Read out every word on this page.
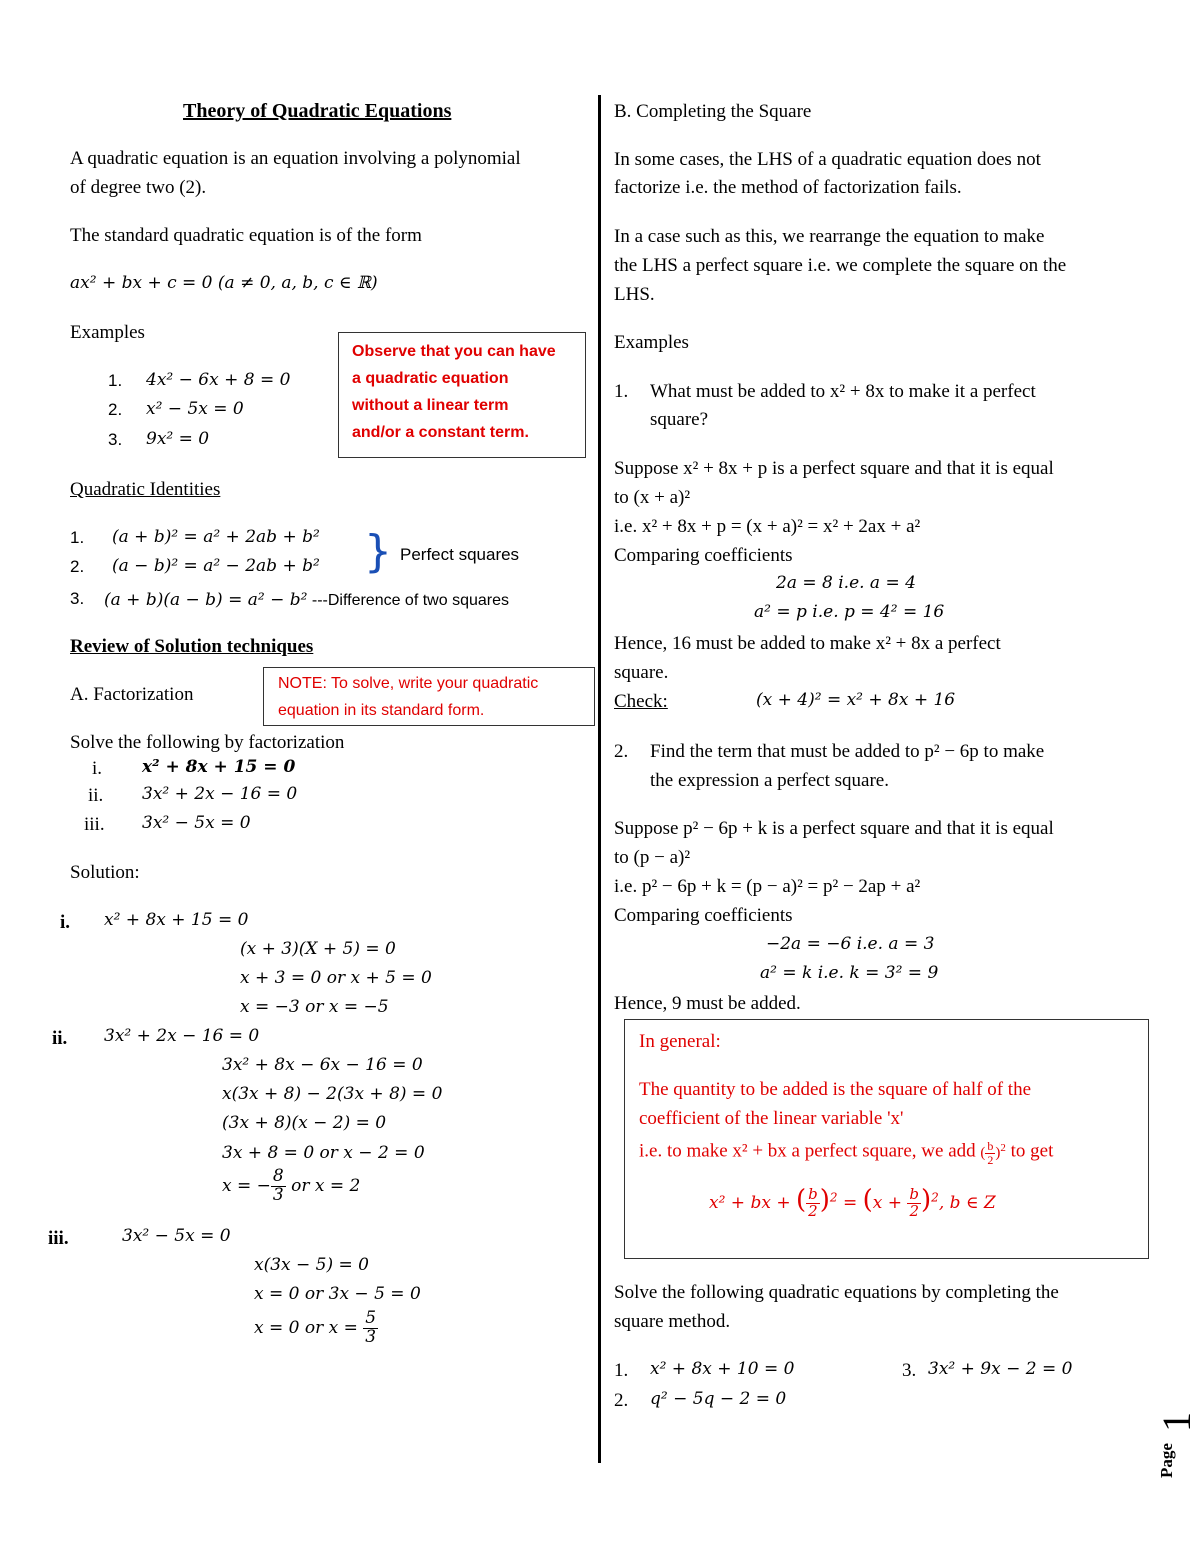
Theory of Quadratic Equations
A quadratic equation is an equation involving a polynomial
of degree two (2).
The standard quadratic equation is of the form
ax² + bx + c = 0 (a ≠ 0, a, b, c ∈ ℝ)
Examples
1. 4x² − 6x + 8 = 0
2. x² − 5x = 0
3. 9x² = 0
Observe that you can have
a quadratic equation
without a linear term
and/or a constant term.
Quadratic Identities
1. (a + b)² = a² + 2ab + b²
2. (a − b)² = a² − 2ab + b²
3. (a + b)(a − b) = a² − b² ---Difference of two squares
} Perfect squares
Review of Solution techniques
A. Factorization
NOTE: To solve, write your quadratic
equation in its standard form.
Solve the following by factorization
i. x² + 8x + 15 = 0
ii. 3x² + 2x − 16 = 0
iii. 3x² − 5x = 0
Solution:
i. x² + 8x + 15 = 0
(x + 3)(X + 5) = 0
x + 3 = 0 or x + 5 = 0
x = −3 or x = −5
ii. 3x² + 2x − 16 = 0
3x² + 8x − 6x − 16 = 0
x(3x + 8) − 2(3x + 8) = 0
(3x + 8)(x − 2) = 0
3x + 8 = 0 or x − 2 = 0
x = − $\frac{8}{3}$ or x = 2
iii.	3x² − 5x = 0
x(3x − 5) = 0
x = 0 or 3x − 5 = 0
x = 0 or $x = \frac{5}{3}$
B. Completing the Square
In some cases, the LHS of a quadratic equation does not
factorize i.e. the method of factorization fails.
In a case such as this, we rearrange the equation to make
the LHS a perfect square i.e. we complete the square on the
LHS.
Examples
1. What must be added to x² + 8x to make it a perfect
square?
Suppose x² + 8x + p is a perfect square and that it is equal
to (x + a)²
i.e. x² + 8x + p = (x + a)² = x² + 2ax + a²
Comparing coefficients
2a = 8 i.e. a = 4
a² = p i.e. p = 4² = 16
Hence, 16 must be added to make x² + 8x a perfect
square.
Check:	(x + 4)² = x² + 8x + 16
2. Find the term that must be added to p² − 6p to make
the expression a perfect square.
Suppose p² − 6p + k is a perfect square and that it is equal
to (p − a)²
i.e. p² − 6p + k = (p − a)² = p² − 2ap + a²
Comparing coefficients
−2a = −6 i.e. a = 3
a² = k i.e. k = 3² = 9
Hence, 9 must be added.
In general:
The quantity to be added is the square of half of the
coefficient of the linear variable 'x'
i.e. to make x² + bx a perfect square, we add ( $\frac{b}{2} )^2$ to get
x² + bx + ( $\frac{b}{2} )^2 = (x + \frac{b}{2} )^2$, b ∈ Z
Solve the following quadratic equations by completing the
square method.
1. x² + 8x + 10 = 0
2. q² − 5q − 2 = 0
3. 3x² + 9x − 2 = 0
Page
1
